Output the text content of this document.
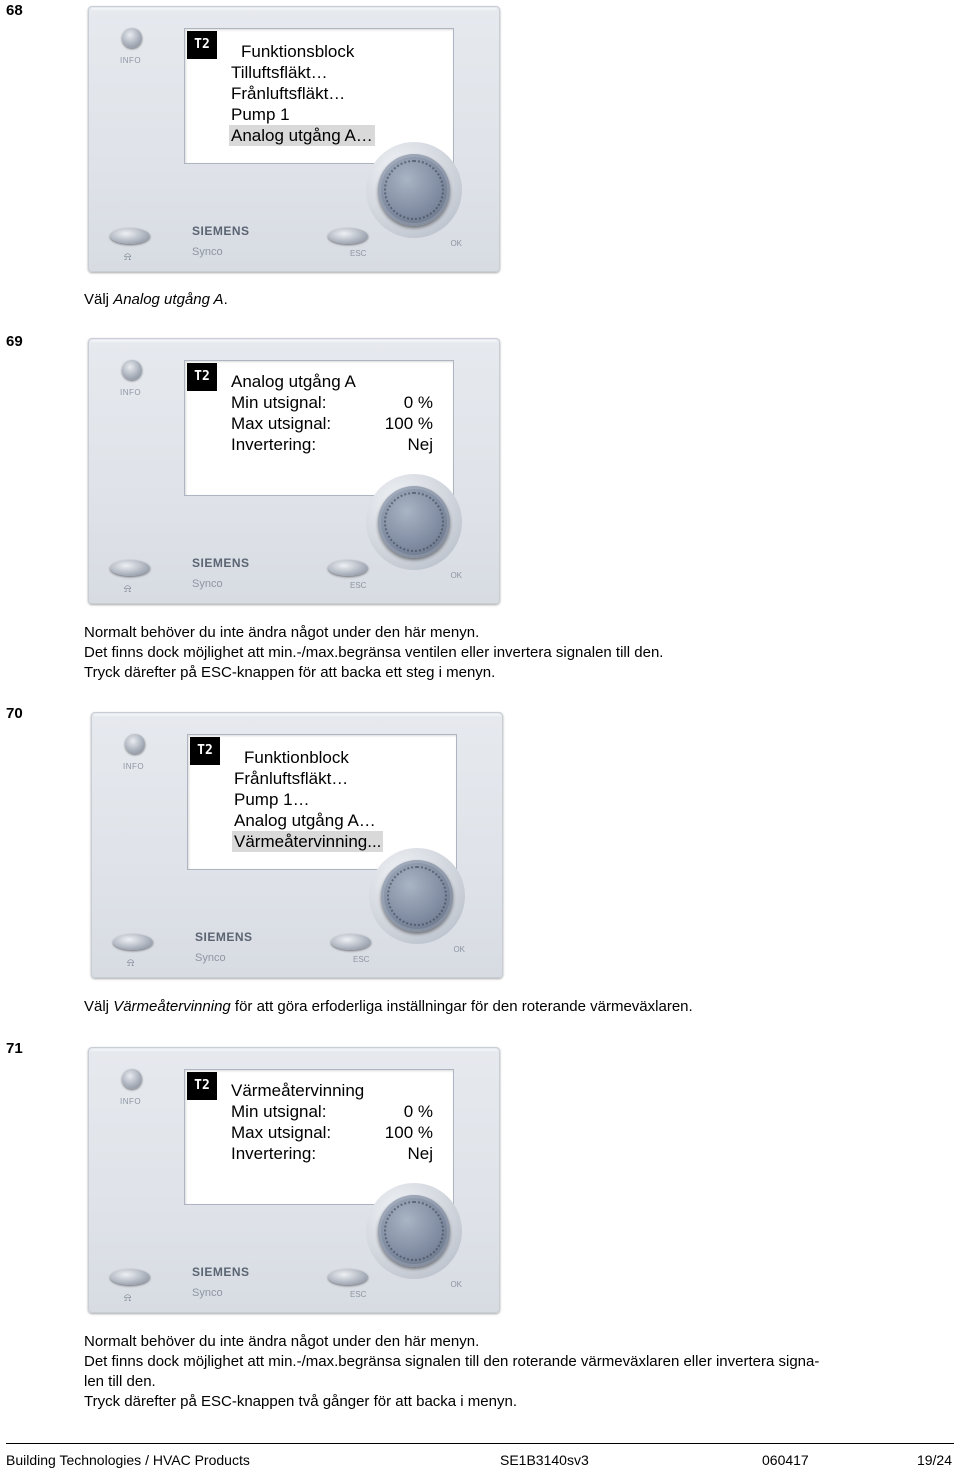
68
INFO
T2	Funktionsblock
Tilluftsfläkt…
Frånluftsfläkt…
Pump 1
Analog utgång A…
OK
SIEMENS
Synco
⍾	ESC
Välj Analog utgång A.
69
INFO
T2	Analog utgång A
Min utsignal:	0 %
Max utsignal:	100 %
Invertering:	Nej
OK
SIEMENS
Synco
⍾	ESC
Normalt behöver du inte ändra något under den här menyn.
Det finns dock möjlighet att min.-/max.begränsa ventilen eller invertera signalen till den.
Tryck därefter på ESC-knappen för att backa ett steg i menyn.
70
INFO
T2	Funktionblock
Frånluftsfläkt…
Pump 1…
Analog utgång A…
Värmeåtervinning...
OK
SIEMENS
Synco
⍾	ESC
Välj Värmeåtervinning för att göra erfoderliga inställningar för den roterande värmeväxlaren.
71
INFO
T2	Värmeåtervinning
Min utsignal:	0 %
Max utsignal:	100 %
Invertering:	Nej
OK
SIEMENS
Synco
⍾	ESC
Normalt behöver du inte ändra något under den här menyn.
Det finns dock möjlighet att min.-/max.begränsa signalen till den roterande värmeväxlaren eller invertera signa-
len till den.
Tryck därefter på ESC-knappen två gånger för att backa i menyn.
Building Technologies / HVAC Products	SE1B3140sv3	060417	19/24
